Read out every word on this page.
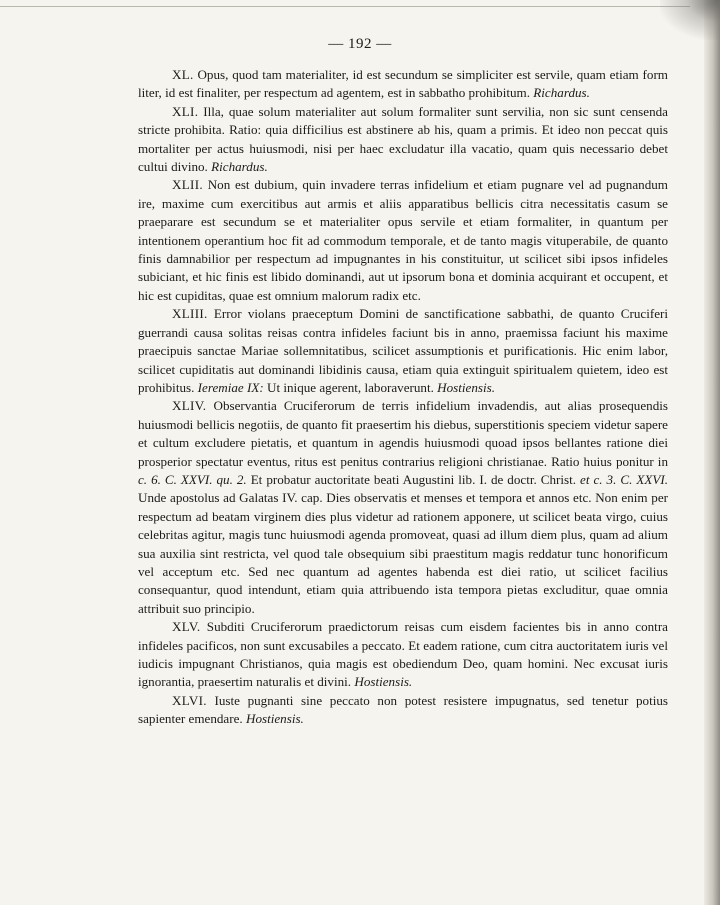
— 192 —

XL. Opus, quod tam materialiter, id est secundum se simpliciter est servile, quam etiam form liter, id est finaliter, per respectum ad agentem, est in sabbatho prohibitum. Richardus.

XLI. Illa, quae solum materialiter aut solum formaliter sunt servilia, non sic sunt censenda stricte prohibita. Ratio: quia difficilius est abstinere ab his, quam a primis. Et ideo non peccat quis mortaliter per actus huiusmodi, nisi per haec excludatur illa vacatio, quam quis necessario debet cultui divino. Richardus.

XLII. Non est dubium, quin invadere terras infidelium et etiam pugnare vel ad pugnandum ire, maxime cum exercitibus aut armis et aliis apparatibus bellicis citra necessitatis casum se praeparare est secundum se et materialiter opus servile et etiam formaliter, in quantum per intentionem operantium hoc fit ad commodum temporale, et de tanto magis vituperabile, de quanto finis damnabilior per respectum ad impugnantes in his constituitur, ut scilicet sibi ipsos infideles subiciant, et hic finis est libido dominandi, aut ut ipsorum bona et dominia acquirant et occupent, et hic est cupiditas, quae est omnium malorum radix etc.

XLIII. Error violans praeceptum Domini de sanctificatione sabbathi, de quanto Cruciferi guerrandi causa solitas reisas contra infideles faciunt bis in anno, praemissa faciunt his maxime praecipuis sanctae Mariae sollemnitatibus, scilicet assumptionis et purificationis. Hic enim labor, scilicet cupiditatis aut dominandi libidinis causa, etiam quia extinguit spiritualem quietem, ideo est prohibitus. Ieremiae IX: Ut inique agerent, laboraverunt. Hostiensis.

XLIV. Observantia Cruciferorum de terris infidelium invadendis, aut alias prosequendis huiusmodi bellicis negotiis, de quanto fit praesertim his diebus, superstitionis speciem videtur sapere et cultum excludere pietatis, et quantum in agendis huiusmodi quoad ipsos bellantes ratione diei prosperior spectatur eventus, ritus est penitus contrarius religioni christianae. Ratio huius ponitur in c. 6. C. XXVI. qu. 2. Et probatur auctoritate beati Augustini lib. I. de doctr. Christ. et c. 3. C. XXVI. Unde apostolus ad Galatas IV. cap. Dies observatis et menses et tempora et annos etc. Non enim per respectum ad beatam virginem dies plus videtur ad rationem apponere, ut scilicet beata virgo, cuius celebritas agitur, magis tunc huiusmodi agenda promoveat, quasi ad illum diem plus, quam ad alium sua auxilia sint restricta, vel quod tale obsequium sibi praestitum magis reddatur tunc honorificum vel acceptum etc. Sed nec quantum ad agentes habenda est diei ratio, ut scilicet facilius consequantur, quod intendunt, etiam quia attribuendo ista tempora pietas excluditur, quae omnia attribuit suo principio.

XLV. Subditi Cruciferorum praedictorum reisas cum eisdem facientes bis in anno contra infideles pacificos, non sunt excusabiles a peccato. Et eadem ratione, cum citra auctoritatem iuris vel iudicis impugnant Christianos, quia magis est obediendum Deo, quam homini. Nec excusat iuris ignorantia, praesertim naturalis et divini. Hostiensis.

XLVI. Iuste pugnanti sine peccato non potest resistere impugnatus, sed tenetur potius sapienter emendare. Hostiensis.
